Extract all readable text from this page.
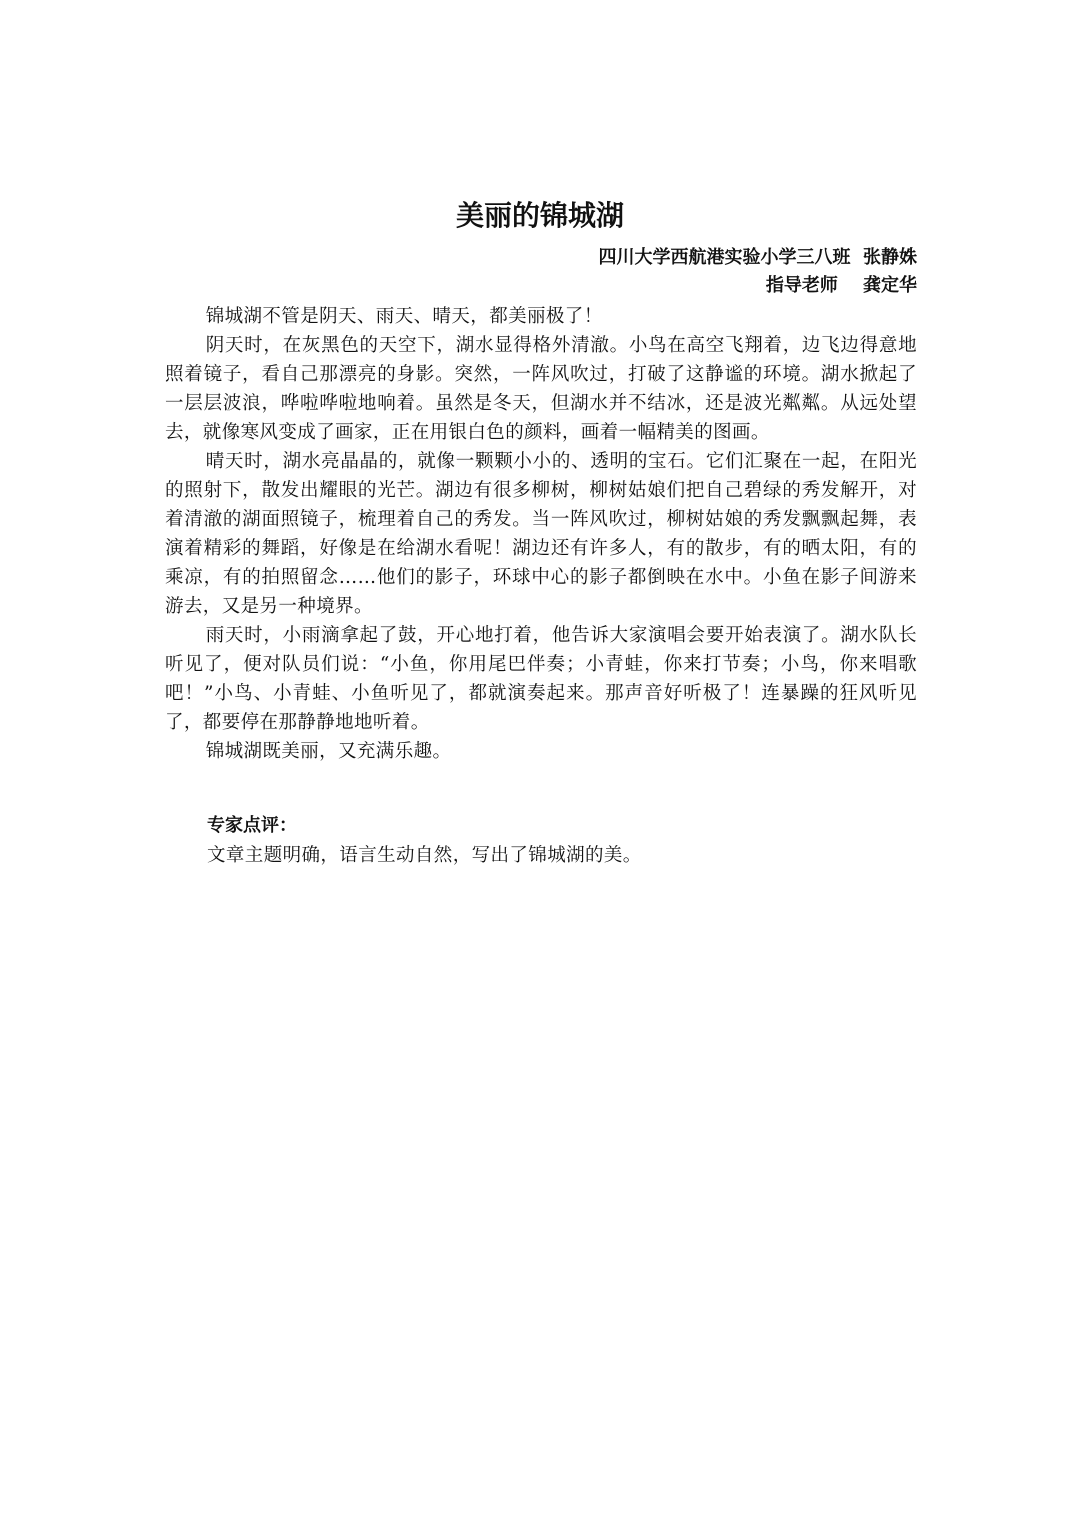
美丽的锦城湖
四川大学西航港实验小学三八班  张静姝
指导老师    龚定华

锦城湖不管是阴天、雨天、晴天，都美丽极了！

阴天时，在灰黑色的天空下，湖水显得格外清澈。小鸟在高空飞翔着，边飞边得意地照着镜子，看自己那漂亮的身影。突然，一阵风吹过，打破了这静谧的环境。湖水掀起了一层层波浪，哗啦哗啦地响着。虽然是冬天，但湖水并不结冰，还是波光粼粼。从远处望去，就像寒风变成了画家，正在用银白色的颜料，画着一幅精美的图画。

晴天时，湖水亮晶晶的，就像一颗颗小小的、透明的宝石。它们汇聚在一起，在阳光的照射下，散发出耀眼的光芒。湖边有很多柳树，柳树姑娘们把自己碧绿的秀发解开，对着清澈的湖面照镜子，梳理着自己的秀发。当一阵风吹过，柳树姑娘的秀发飘飘起舞，表演着精彩的舞蹈，好像是在给湖水看呢！湖边还有许多人，有的散步，有的晒太阳，有的乘凉，有的拍照留念……他们的影子，环球中心的影子都倒映在水中。小鱼在影子间游来游去，又是另一种境界。

雨天时，小雨滴拿起了鼓，开心地打着，他告诉大家演唱会要开始表演了。湖水队长听见了，便对队员们说：“小鱼，你用尾巴伴奏；小青蛙，你来打节奏；小鸟，你来唱歌吧！”小鸟、小青蛙、小鱼听见了，都就演奏起来。那声音好听极了！连暴躁的狂风听见了，都要停在那静静地地听着。

锦城湖既美丽，又充满乐趣。

专家点评：
文章主题明确，语言生动自然，写出了锦城湖的美。
